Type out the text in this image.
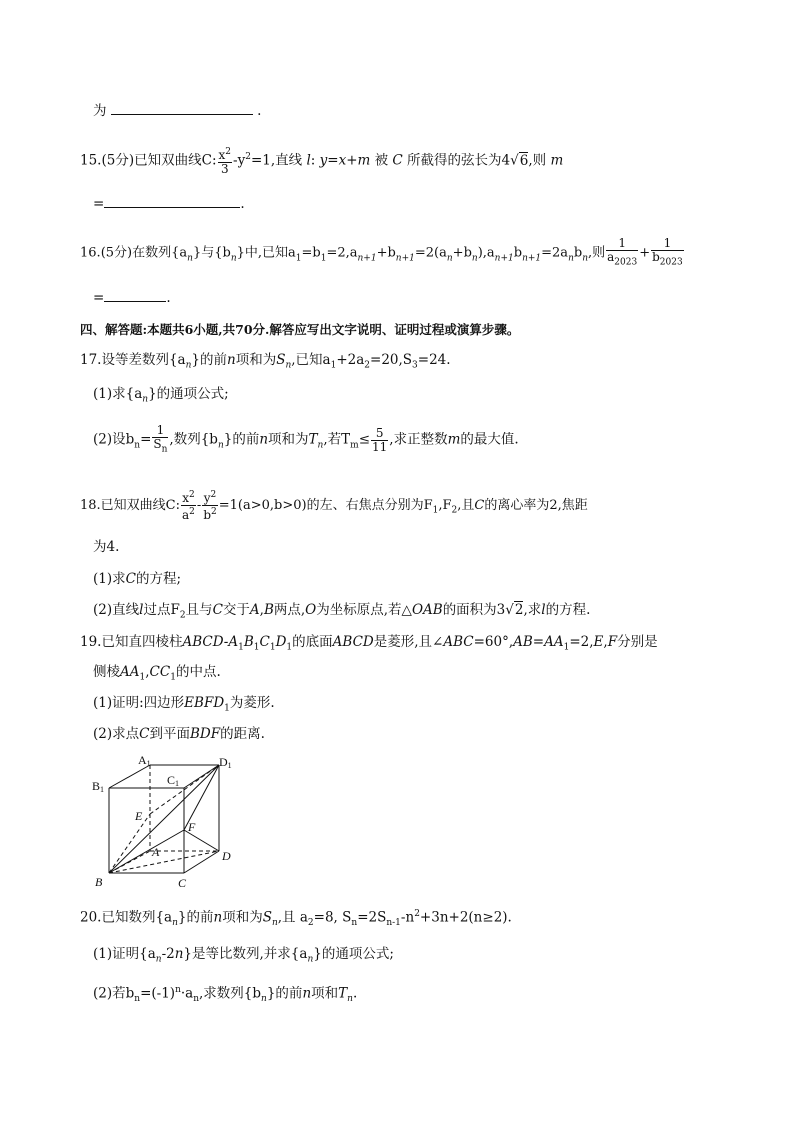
为	.
15.(5分)已知双曲线C: $\frac{x^2}{3} -y^2=1$,直线 l: y=x+m 被 C 所截得的弦长为4√6,则 m
=	.
16.(5分)在数列$\{a_n\}$与$\{b_n\}$中,已知$a_1=b_1=2,a_{n+1}+b_{n+1}=2(a_n+b_n),a_{n+1}b_{n+1}=2a_nb_n$,则 $\frac{1}{a_{2023}} + \frac{1}{b_{2023}}$
=	.
四、解答题:本题共6小题,共70分.解答应写出文字说明、证明过程或演算步骤。
17.设等差数列$\{a_n\}$的前n项和为$S_n$,已知$a_1+2a_2=20,S_3=24$.
(1)求$\{a_n\}$的通项公式;
(2)设$b_n= \frac{1}{S_n}$ ,数列$\{b_n\}$的前n项和为$T_n$,若$T_m\le \frac{5}{11}$ ,求正整数m的最大值.
18.已知双曲线C: $\frac{x^2}{a^2} - \frac{y^2}{b^2} =1(a>0,b>0)$的左、右焦点分别为$F_1,F_2$,且C的离心率为2,焦距
为4.
(1)求C的方程;
(2)直线l过点$F_2$且与C交于A,B两点,O为坐标原点,若△OAB的面积为3√2,求l的方程.
19.已知直四棱柱ABCD-$A_1B_1C_1D_1$的底面ABCD是菱形,且$\angle ABC=60^\circ,AB=AA_1=2,E,F$分别是
侧棱$AA_1,CC_1$的中点.
(1)证明:四边形$EBFD_1$为菱形.
(2)求点C到平面BDF的距离.
A1	D1
B1
C1
E
F
A	D
B	C
20.已知数列$\{a_n\}$的前n项和为$S_n$,且 $a_2=8$, $S_n=2S_{n-1}-n^2+3n+2(n\ge 2)$.
(1)证明$\{a_n-2n\}$是等比数列,并求$\{a_n\}$的通项公式;
(2)若$b_n=(-1)^n\cdot a_n$,求数列$\{b_n\}$的前n项和$T_n$.
